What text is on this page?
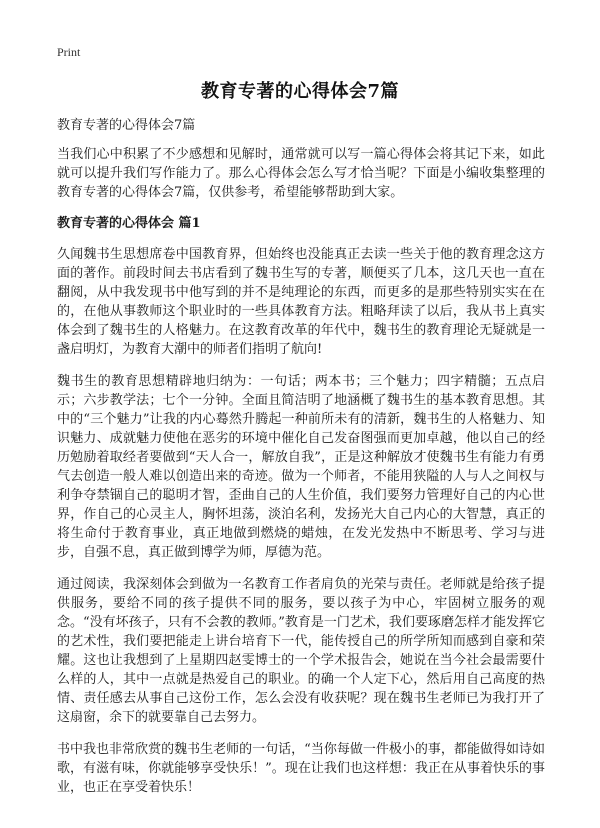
Print
教育专著的心得体会7篇

教育专著的心得体会7篇

当我们心中积累了不少感想和见解时，通常就可以写一篇心得体会将其记下来，如此就可以提升我们写作能力了。那么心得体会怎么写才恰当呢？下面是小编收集整理的教育专著的心得体会7篇，仅供参考，希望能够帮助到大家。

教育专著的心得体会 篇1

久闻魏书生思想席卷中国教育界，但始终也没能真正去读一些关于他的教育理念这方面的著作。前段时间去书店看到了魏书生写的专著，顺便买了几本，这几天也一直在翻阅，从中我发现书中他写到的并不是纯理论的东西，而更多的是那些特别实实在在的，在他从事教师这个职业时的一些具体教育方法。粗略拜读了以后，我从书上真实体会到了魏书生的人格魅力。在这教育改革的年代中，魏书生的教育理论无疑就是一盏启明灯，为教育大潮中的师者们指明了航向!

魏书生的教育思想精辟地归纳为：一句话；两本书；三个魅力；四字精髓；五点启示；六步教学法；七个一分钟。全面且简洁明了地涵概了魏书生的基本教育思想。其中的“三个魅力”让我的内心蓦然升腾起一种前所未有的清新，魏书生的人格魅力、知识魅力、成就魅力使他在恶劣的环境中催化自己发奋图强而更加卓越，他以自己的经历勉励着取经者要做到“天人合一，解放自我”，正是这种解放才使魏书生有能力有勇气去创造一般人难以创造出来的奇迹。做为一个师者，不能用狭隘的人与人之间权与利争夺禁锢自己的聪明才智，歪曲自己的人生价值，我们要努力管理好自己的内心世界，作自己的心灵主人，胸怀坦荡，淡泊名利，发扬光大自己内心的大智慧，真正的将生命付于教育事业，真正地做到燃烧的蜡烛，在发光发热中不断思考、学习与进步，自强不息，真正做到博学为师，厚德为范。

通过阅读，我深刻体会到做为一名教育工作者肩负的光荣与责任。老师就是给孩子提供服务，要给不同的孩子提供不同的服务，要以孩子为中心，牢固树立服务的观念。“没有坏孩子，只有不会教的教师。”教育是一门艺术，我们要琢磨怎样才能发挥它的艺术性，我们要把能走上讲台培育下一代，能传授自己的所学所知而感到自豪和荣耀。这也让我想到了上星期四赵雯博士的一个学术报告会，她说在当今社会最需要什么样的人，其中一点就是热爱自己的职业。的确一个人定下心，然后用自己高度的热情、责任感去从事自己这份工作，怎么会没有收获呢？现在魏书生老师已为我打开了这扇窗，余下的就要靠自己去努力。

书中我也非常欣赏的魏书生老师的一句话，“当你每做一件极小的事，都能做得如诗如歌，有滋有味，你就能够享受快乐！”。现在让我们也这样想：我正在从事着快乐的事业，也正在享受着快乐！
